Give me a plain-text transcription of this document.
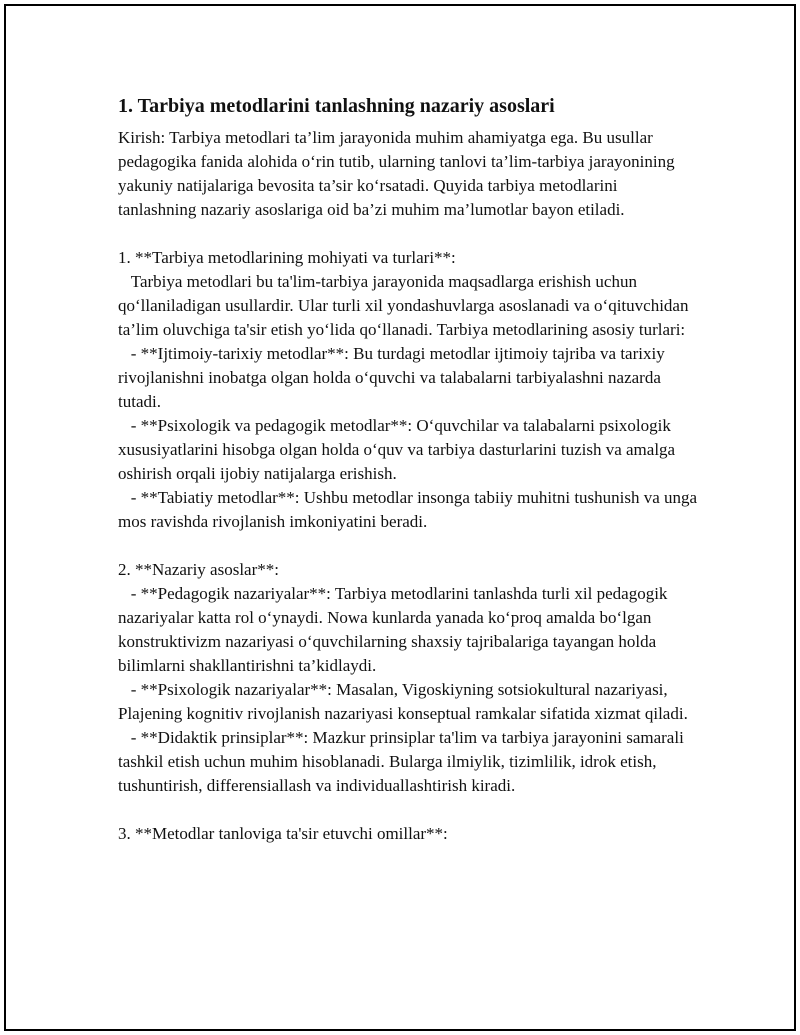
1. Tarbiya metodlarini tanlashning nazariy asoslari

Kirish: Tarbiya metodlari ta’lim jarayonida muhim ahamiyatga ega. Bu usullar pedagogika fanida alohida o‘rin tutib, ularning tanlovi ta’lim-tarbiya jarayonining yakuniy natijalariga bevosita ta’sir ko‘rsatadi. Quyida tarbiya metodlarini tanlashning nazariy asoslariga oid ba’zi muhim ma’lumotlar bayon etiladi.

1. **Tarbiya metodlarining mohiyati va turlari**:

Tarbiya metodlari bu ta'lim-tarbiya jarayonida maqsadlarga erishish uchun qo‘llaniladigan usullardir. Ular turli xil yondashuvlarga asoslanadi va o‘qituvchidan ta’lim oluvchiga ta'sir etish yo‘lida qo‘llanadi. Tarbiya metodlarining asosiy turlari:

- **Ijtimoiy-tarixiy metodlar**: Bu turdagi metodlar ijtimoiy tajriba va tarixiy rivojlanishni inobatga olgan holda o‘quvchi va talabalarni tarbiyalashni nazarda tutadi.

- **Psixologik va pedagogik metodlar**: O‘quvchilar va talabalarni psixologik xususiyatlarini hisobga olgan holda o‘quv va tarbiya dasturlarini tuzish va amalga oshirish orqali ijobiy natijalarga erishish.

- **Tabiatiy metodlar**: Ushbu metodlar insonga tabiiy muhitni tushunish va unga mos ravishda rivojlanish imkoniyatini beradi.

2. **Nazariy asoslar**:

- **Pedagogik nazariyalar**: Tarbiya metodlarini tanlashda turli xil pedagogik nazariyalar katta rol o‘ynaydi. Nowa kunlarda yanada ko‘proq amalda bo‘lgan konstruktivizm nazariyasi o‘quvchilarning shaxsiy tajribalariga tayangan holda bilimlarni shakllantirishni ta’kidlaydi.

- **Psixologik nazariyalar**: Masalan, Vigoskiyning sotsiokultural nazariyasi, Plajening kognitiv rivojlanish nazariyasi konseptual ramkalar sifatida xizmat qiladi.

- **Didaktik prinsiplar**: Mazkur prinsiplar ta'lim va tarbiya jarayonini samarali tashkil etish uchun muhim hisoblanadi. Bularga ilmiylik, tizimlilik, idrok etish, tushuntirish, differensiallash va individuallashtirish kiradi.

3. **Metodlar tanloviga ta'sir etuvchi omillar**:
